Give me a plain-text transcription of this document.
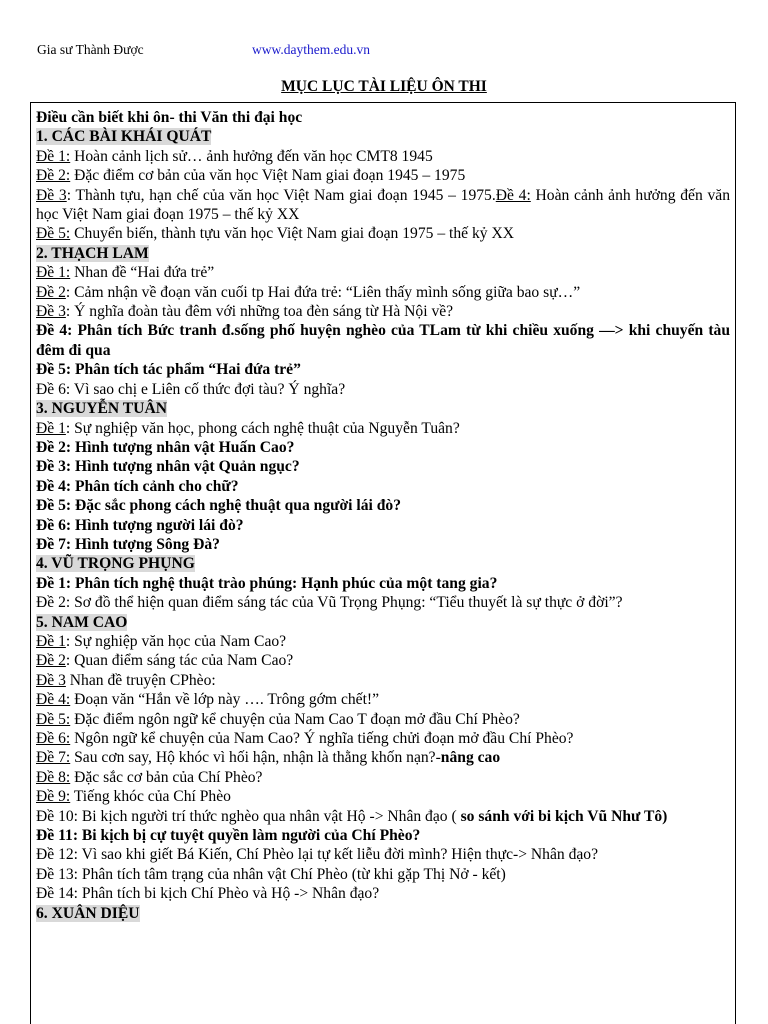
Gia sư Thành Được	www.daythem.edu.vn
MỤC LỤC TÀI LIỆU ÔN THI

Điều cần biết khi ôn- thi Văn thi đại học

1. CÁC BÀI KHÁI QUÁT

Đề 1: Hoàn cảnh lịch sử… ảnh hưởng đến văn học CMT8 1945

Đề 2: Đặc điểm cơ bản của văn học Việt Nam giai đoạn 1945 – 1975

Đề 3: Thành tựu, hạn chế của văn học Việt Nam giai đoạn 1945 – 1975.Đề 4: Hoàn cảnh ảnh hưởng đến văn học Việt Nam giai đoạn 1975 – thế kỷ XX

Đề 5: Chuyển biến, thành tựu văn học Việt Nam giai đoạn 1975 – thế kỷ XX

2. THẠCH LAM

Đề 1: Nhan đề “Hai đứa trẻ”

Đề 2: Cảm nhận về đoạn văn cuối tp Hai đứa trẻ: “Liên thấy mình sống giữa bao sự…”

Đề 3: Ý nghĩa đoàn tàu đêm với những toa đèn sáng từ Hà Nội về?

Đề 4: Phân tích Bức tranh đ.sống phố huyện nghèo của TLam từ khi chiều xuống —> khi chuyến tàu đêm đi qua

Đề 5: Phân tích tác phẩm “Hai đứa trẻ”

Đề 6: Vì sao chị e Liên cố thức đợi tàu? Ý nghĩa?

3. NGUYỄN TUÂN

Đề 1: Sự nghiệp văn học, phong cách nghệ thuật của Nguyễn Tuân?

Đề 2: Hình tượng nhân vật Huấn Cao?

Đề 3: Hình tượng nhân vật Quản ngục?

Đề 4: Phân tích cảnh cho chữ?

Đề 5: Đặc sắc phong cách nghệ thuật qua người lái đò?

Đề 6: Hình tượng người lái đò?

Đề 7: Hình tượng Sông Đà?

4. VŨ TRỌNG PHỤNG

Đề 1: Phân tích nghệ thuật trào phúng: Hạnh phúc của một tang gia?

Đề 2: Sơ đồ thể hiện quan điểm sáng tác của Vũ Trọng Phụng: “Tiểu thuyết là sự thực ở đời”?

5. NAM CAO

Đề 1: Sự nghiệp văn học của Nam Cao?

Đề 2: Quan điểm sáng tác của Nam Cao?

Đề 3 Nhan đề truyện CPhèo:

Đề 4: Đoạn văn “Hắn về lớp này …. Trông gớm chết!”

Đề 5: Đặc điểm ngôn ngữ kể chuyện của Nam Cao T đoạn mở đầu Chí Phèo?

Đề 6: Ngôn ngữ kể chuyện của Nam Cao? Ý nghĩa tiếng chửi đoạn mở đầu Chí Phèo?

Đề 7: Sau cơn say, Hộ khóc vì hối hận, nhận là thằng khốn nạn?-nâng cao

Đề 8: Đặc sắc cơ bản của Chí Phèo?

Đề 9: Tiếng khóc của Chí Phèo

Đề 10: Bi kịch người trí thức nghèo qua nhân vật Hộ -> Nhân đạo ( so sánh với bi kịch Vũ Như Tô)

Đề 11: Bi kịch bị cự tuyệt quyền làm người của Chí Phèo?

Đề 12: Vì sao khi giết Bá Kiến, Chí Phèo lại tự kết liễu đời mình? Hiện thực-> Nhân đạo?

Đề 13: Phân tích tâm trạng của nhân vật Chí Phèo (từ khi gặp Thị Nở - kết)

Đề 14: Phân tích bi kịch Chí Phèo và Hộ -> Nhân đạo?

6. XUÂN DIỆU
